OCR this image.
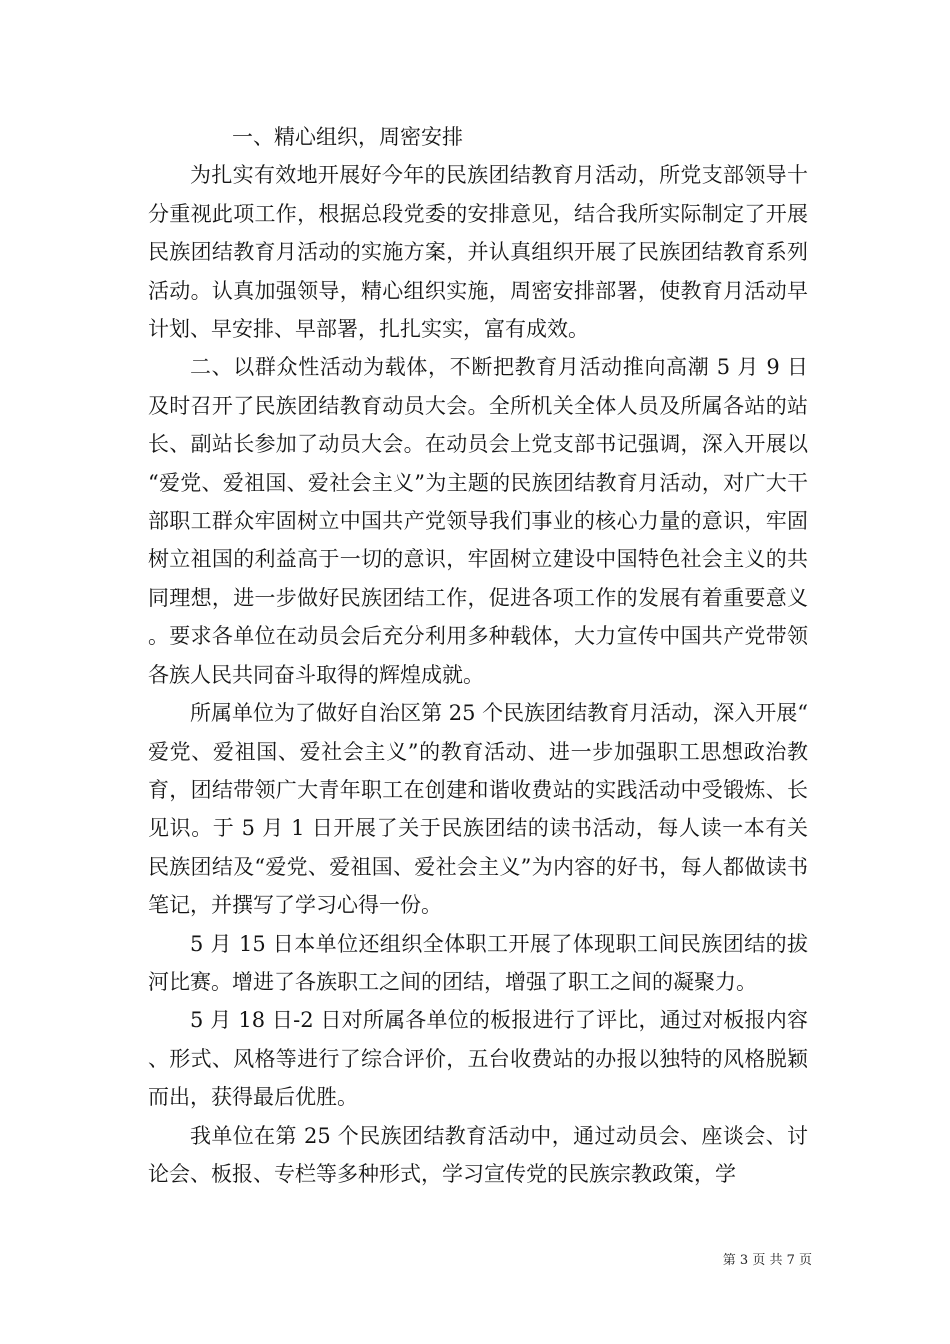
一、精心组织，周密安排

为扎实有效地开展好今年的民族团结教育月活动，所党支部领导十分重视此项工作，根据总段党委的安排意见，结合我所实际制定了开展民族团结教育月活动的实施方案，并认真组织开展了民族团结教育系列活动。认真加强领导，精心组织实施，周密安排部署，使教育月活动早计划、早安排、早部署，扎扎实实，富有成效。

二、以群众性活动为载体，不断把教育月活动推向高潮 5 月 9 日及时召开了民族团结教育动员大会。全所机关全体人员及所属各站的站长、副站长参加了动员大会。在动员会上党支部书记强调，深入开展以“爱党、爱祖国、爱社会主义”为主题的民族团结教育月活动，对广大干部职工群众牢固树立中国共产党领导我们事业的核心力量的意识，牢固树立祖国的利益高于一切的意识，牢固树立建设中国特色社会主义的共同理想，进一步做好民族团结工作，促进各项工作的发展有着重要意义。要求各单位在动员会后充分利用多种载体，大力宣传中国共产党带领各族人民共同奋斗取得的辉煌成就。

所属单位为了做好自治区第 25 个民族团结教育月活动，深入开展“爱党、爱祖国、爱社会主义”的教育活动、进一步加强职工思想政治教育，团结带领广大青年职工在创建和谐收费站的实践活动中受锻炼、长见识。于 5 月 1 日开展了关于民族团结的读书活动，每人读一本有关民族团结及“爱党、爱祖国、爱社会主义”为内容的好书，每人都做读书笔记，并撰写了学习心得一份。

5 月 15 日本单位还组织全体职工开展了体现职工间民族团结的拔河比赛。增进了各族职工之间的团结，增强了职工之间的凝聚力。

5 月 18 日-2 日对所属各单位的板报进行了评比，通过对板报内容、形式、风格等进行了综合评价，五台收费站的办报以独特的风格脱颖而出，获得最后优胜。

我单位在第 25 个民族团结教育活动中，通过动员会、座谈会、讨论会、板报、专栏等多种形式，学习宣传党的民族宗教政策，学

第 3 页 共 7 页
